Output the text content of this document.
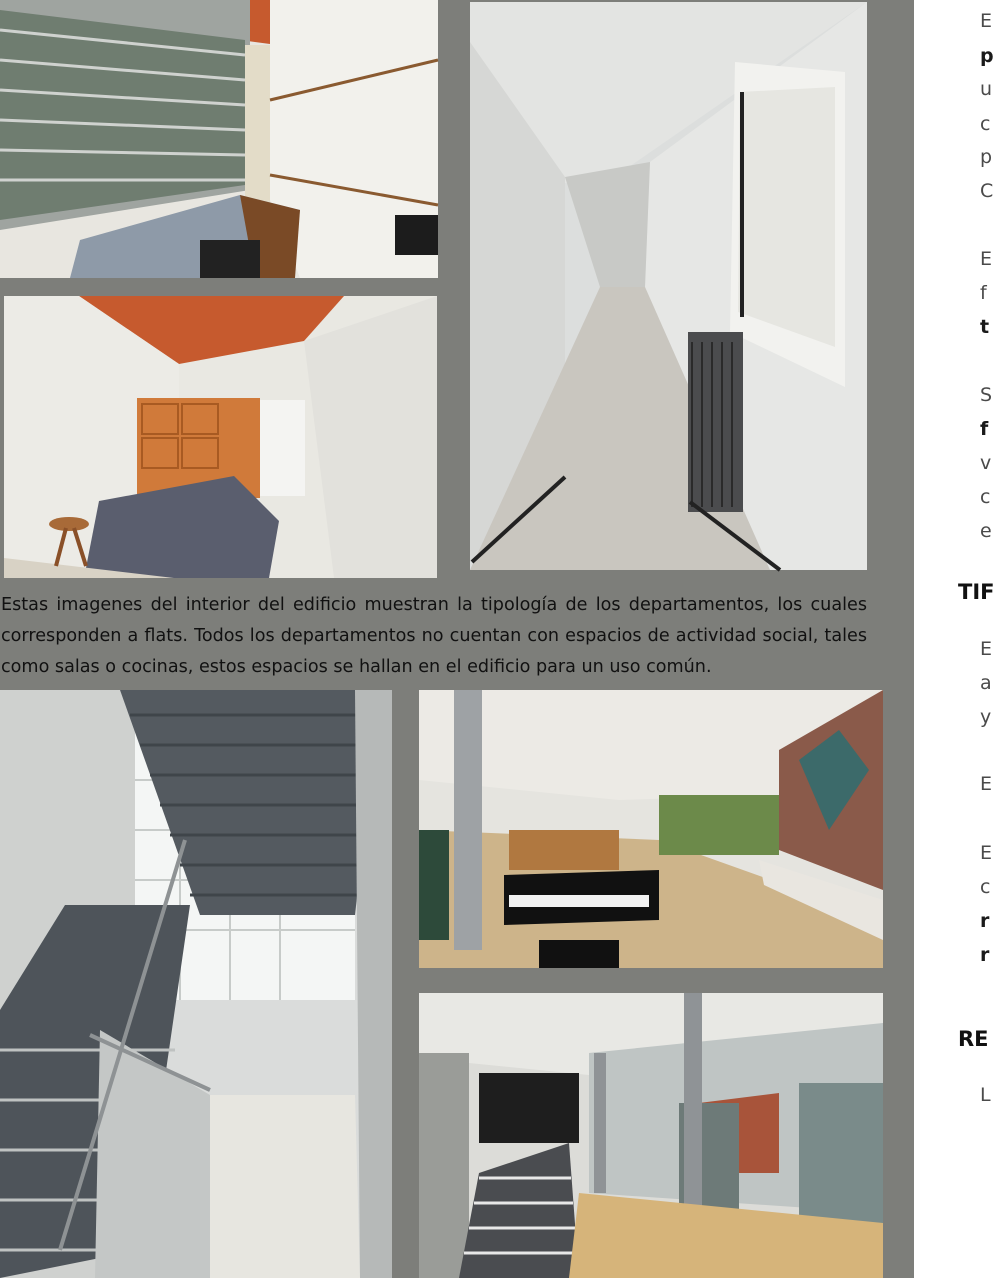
Estas imagenes del interior del edificio muestran la tipología de los departamentos, los cuales corresponden a flats. Todos los departamentos no cuentan con espacios de actividad social, tales como salas o cocinas, estos espacios se hallan en el edificio para un uso común.
E
p
u
c
p
C
E
f
t
S
f
v
c
e
TIF
E
a
y
E
E
c
r
r
RE
L
